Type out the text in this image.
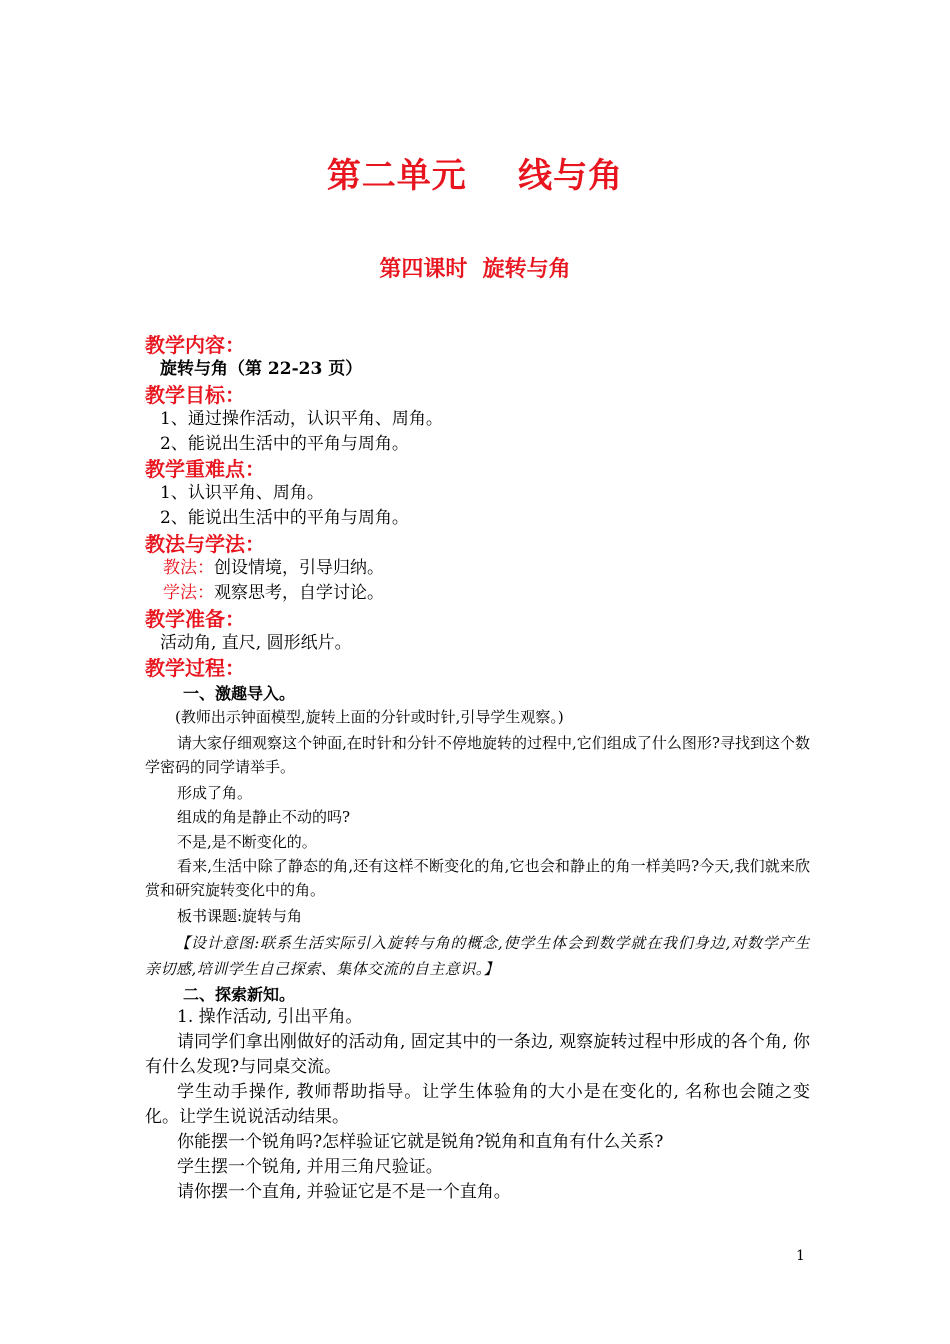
第二单元    线与角
第四课时  旋转与角
教学内容：
旋转与角（第 22-23 页）
教学目标：
1、通过操作活动，认识平角、周角。
2、能说出生活中的平角与周角。
教学重难点：
1、认识平角、周角。
2、能说出生活中的平角与周角。
教法与学法：
教法：创设情境，引导归纳。
学法：观察思考，自学讨论。
教学准备：
活动角, 直尺, 圆形纸片。
教学过程：
一、激趣导入。
(教师出示钟面模型,旋转上面的分针或时针,引导学生观察。)
请大家仔细观察这个钟面,在时针和分针不停地旋转的过程中,它们组成了什么图形?寻找到这个数学密码的同学请举手。
形成了角。
组成的角是静止不动的吗?
不是,是不断变化的。
看来,生活中除了静态的角,还有这样不断变化的角,它也会和静止的角一样美吗?今天,我们就来欣赏和研究旋转变化中的角。
板书课题:旋转与角
【设计意图:联系生活实际引入旋转与角的概念,使学生体会到数学就在我们身边,对数学产生亲切感,培训学生自己探索、集体交流的自主意识。】
二、探索新知。
1. 操作活动, 引出平角。
请同学们拿出刚做好的活动角, 固定其中的一条边, 观察旋转过程中形成的各个角, 你有什么发现?与同桌交流。
学生动手操作, 教师帮助指导。让学生体验角的大小是在变化的, 名称也会随之变化。让学生说说活动结果。
你能摆一个锐角吗?怎样验证它就是锐角?锐角和直角有什么关系?
学生摆一个锐角, 并用三角尺验证。
请你摆一个直角, 并验证它是不是一个直角。
1
